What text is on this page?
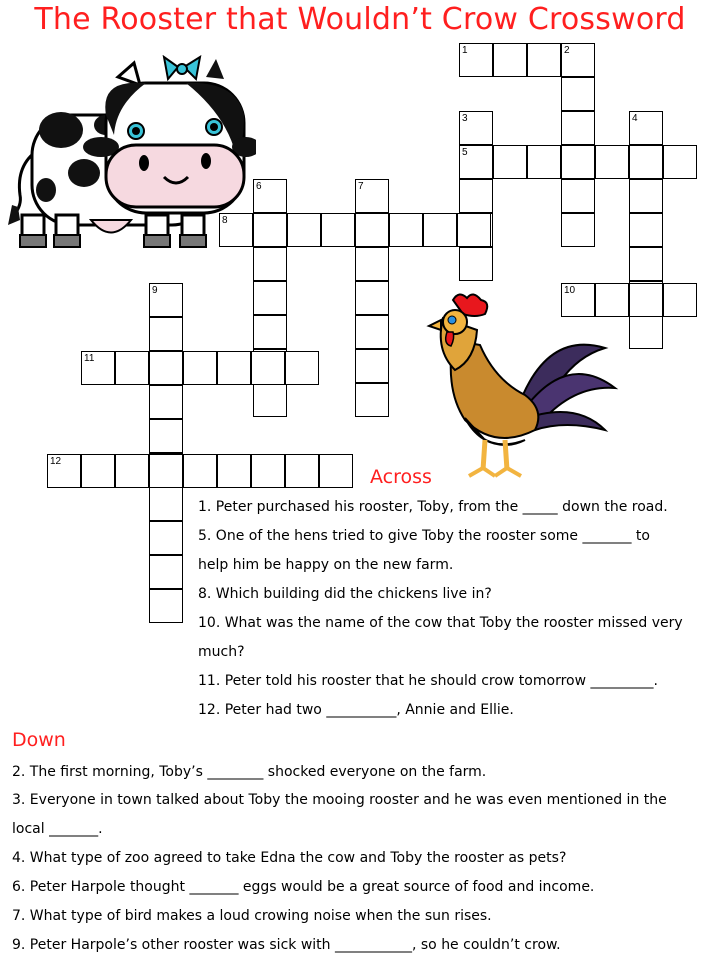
The Rooster that Wouldn’t Crow Crossword
1	2
3	4
5
6	7
8
10
9
11
12
Across
1. Peter purchased his rooster, Toby, from the _____ down the road.
5. One of the hens tried to give Toby the rooster some _______ to
help him be happy on the new farm.
8. Which building did the chickens live in?
10. What was the name of the cow that Toby the rooster missed very
much?
11. Peter told his rooster that he should crow tomorrow _________.
12. Peter had two __________, Annie and Ellie.
Down
2. The first morning, Toby’s ________ shocked everyone on the farm.
3. Everyone in town talked about Toby the mooing rooster and he was even mentioned in the
local _______.
4. What type of zoo agreed to take Edna the cow and Toby the rooster as pets?
6. Peter Harpole thought _______ eggs would be a great source of food and income.
7. What type of bird makes a loud crowing noise when the sun rises.
9. Peter Harpole’s other rooster was sick with ___________, so he couldn’t crow.
